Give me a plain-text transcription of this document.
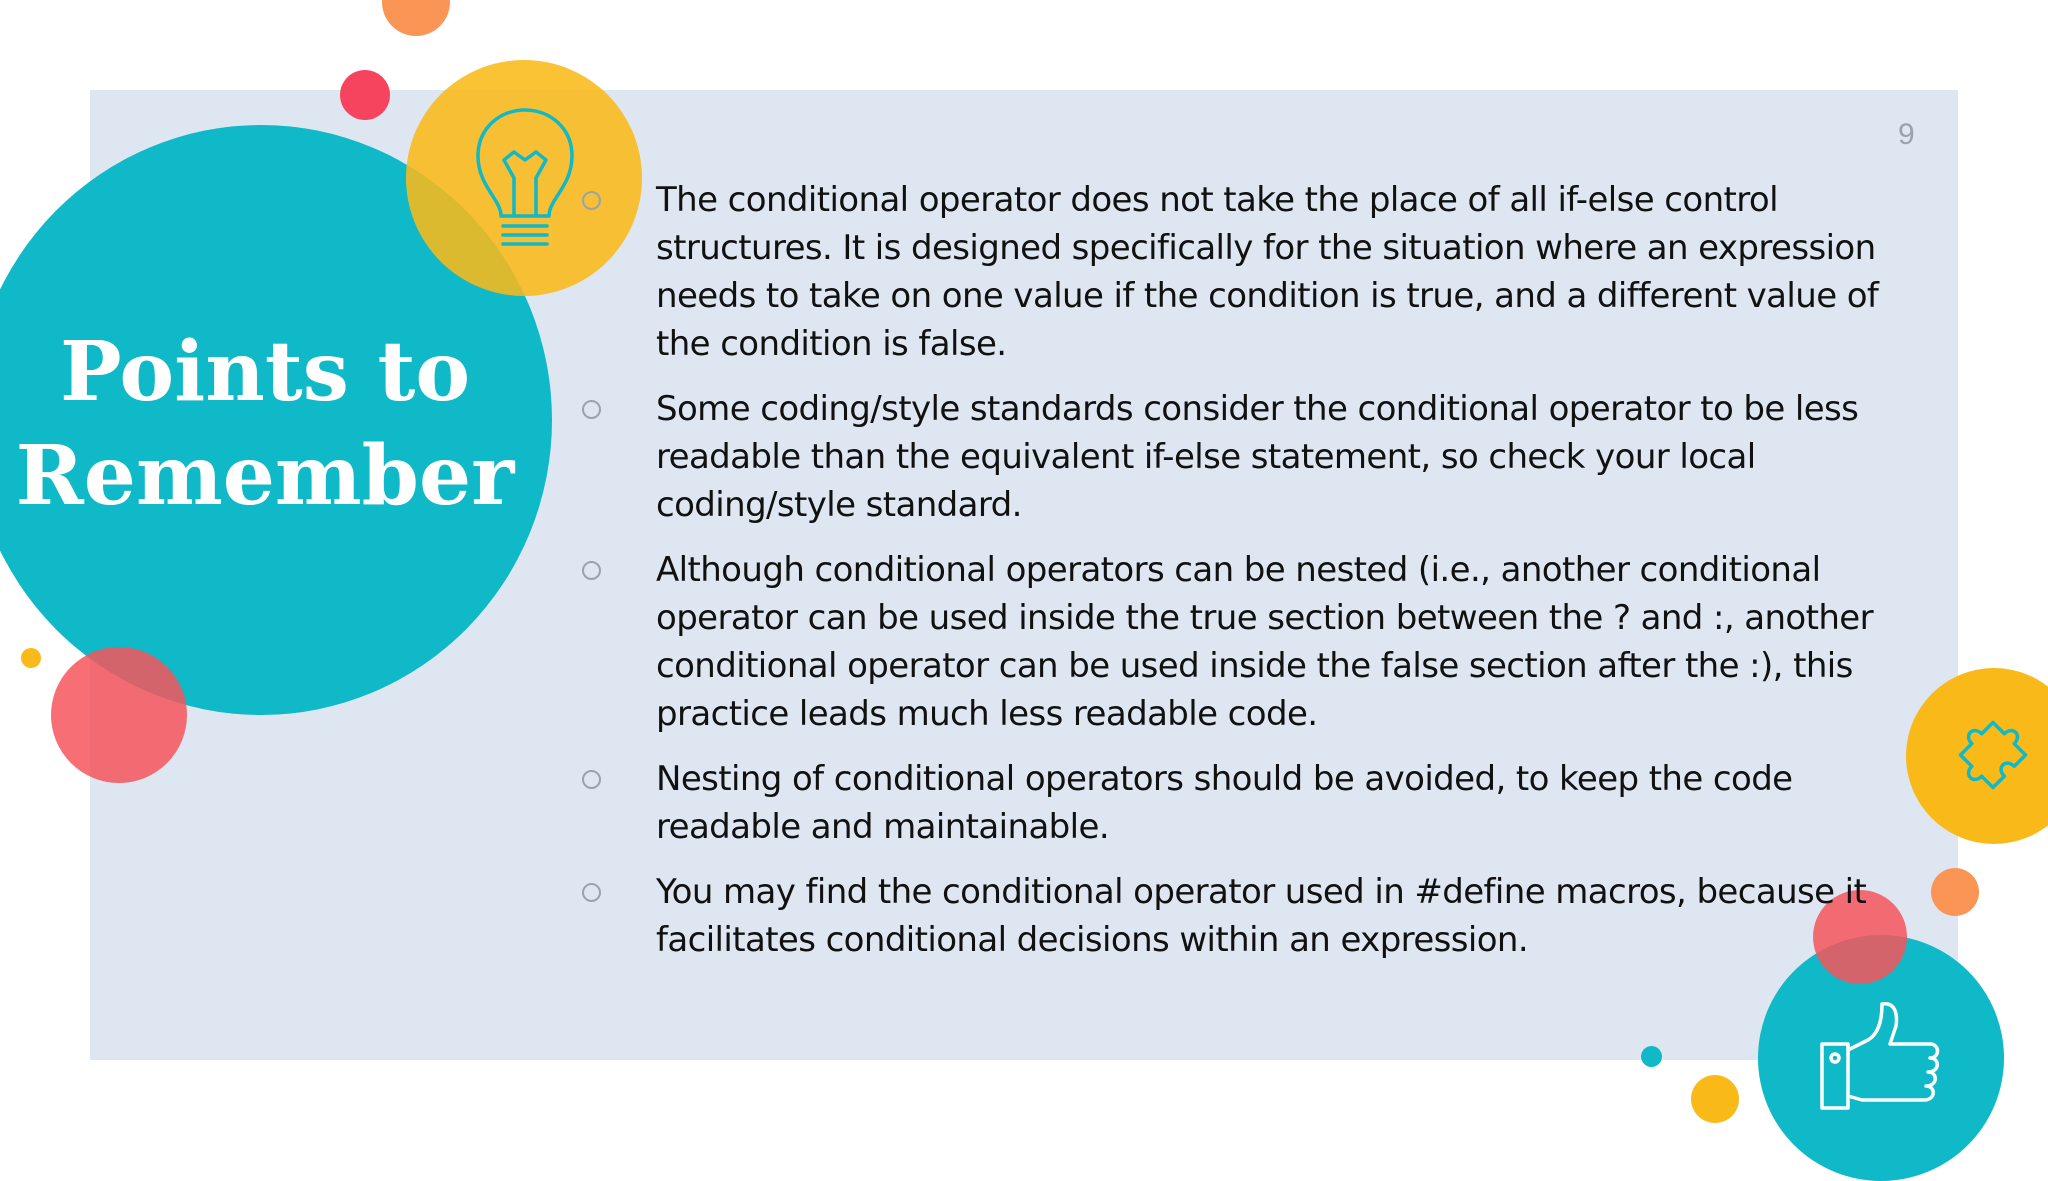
Points to
Remember
9
The conditional operator does not take the place of all if-else control structures. It is designed specifically for the situation where an expression needs to take on one value if the condition is true, and a different value of the condition is false.
Some coding/style standards consider the conditional operator to be less readable than the equivalent if-else statement, so check your local coding/style standard.
Although conditional operators can be nested (i.e., another conditional operator can be used inside the true section between the ? and :, another conditional operator can be used inside the false section after the :), this practice leads much less readable code.
Nesting of conditional operators should be avoided, to keep the code readable and maintainable.
You may find the conditional operator used in #define macros, because it facilitates conditional decisions within an expression.
